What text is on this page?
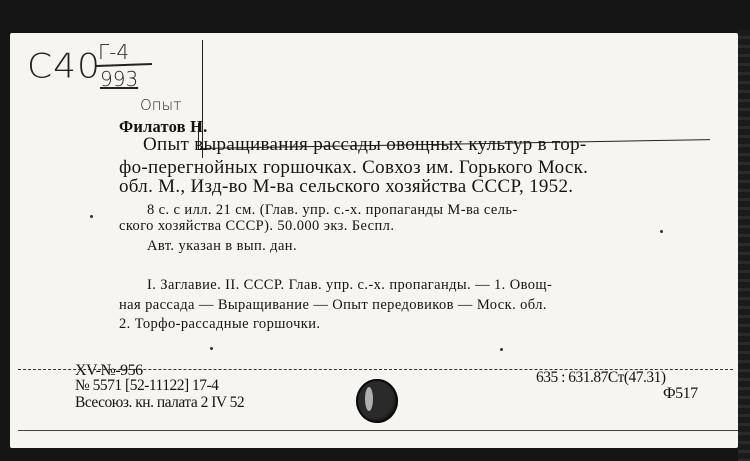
С40
Г-4
993
Опыт
Филатов Н.
Опыт выращивания рассады овощных культур в тор-
фо-перегнойных горшочках. Совхоз им. Горького Моск.
обл. М., Изд-во М-ва сельского хозяйства СССР, 1952.
8 с. с илл. 21 см. (Глав. упр. с.-х. пропаганды М-ва сель-
ского хозяйства СССР). 50.000 экз. Беспл.
Авт. указан в вып. дан.
I. Заглавие. II. СССР. Глав. упр. с.-х. пропаганды. — 1. Овощ-
ная рассада — Выращивание — Опыт передовиков — Моск. обл.
2. Торфо-рассадные горшочки.
XV-№-956
№ 5571 [52-11122] 17-4
Всесоюз. кн. палата 2 IV 52
635 : 631.87Ст(47.31)
Ф517
